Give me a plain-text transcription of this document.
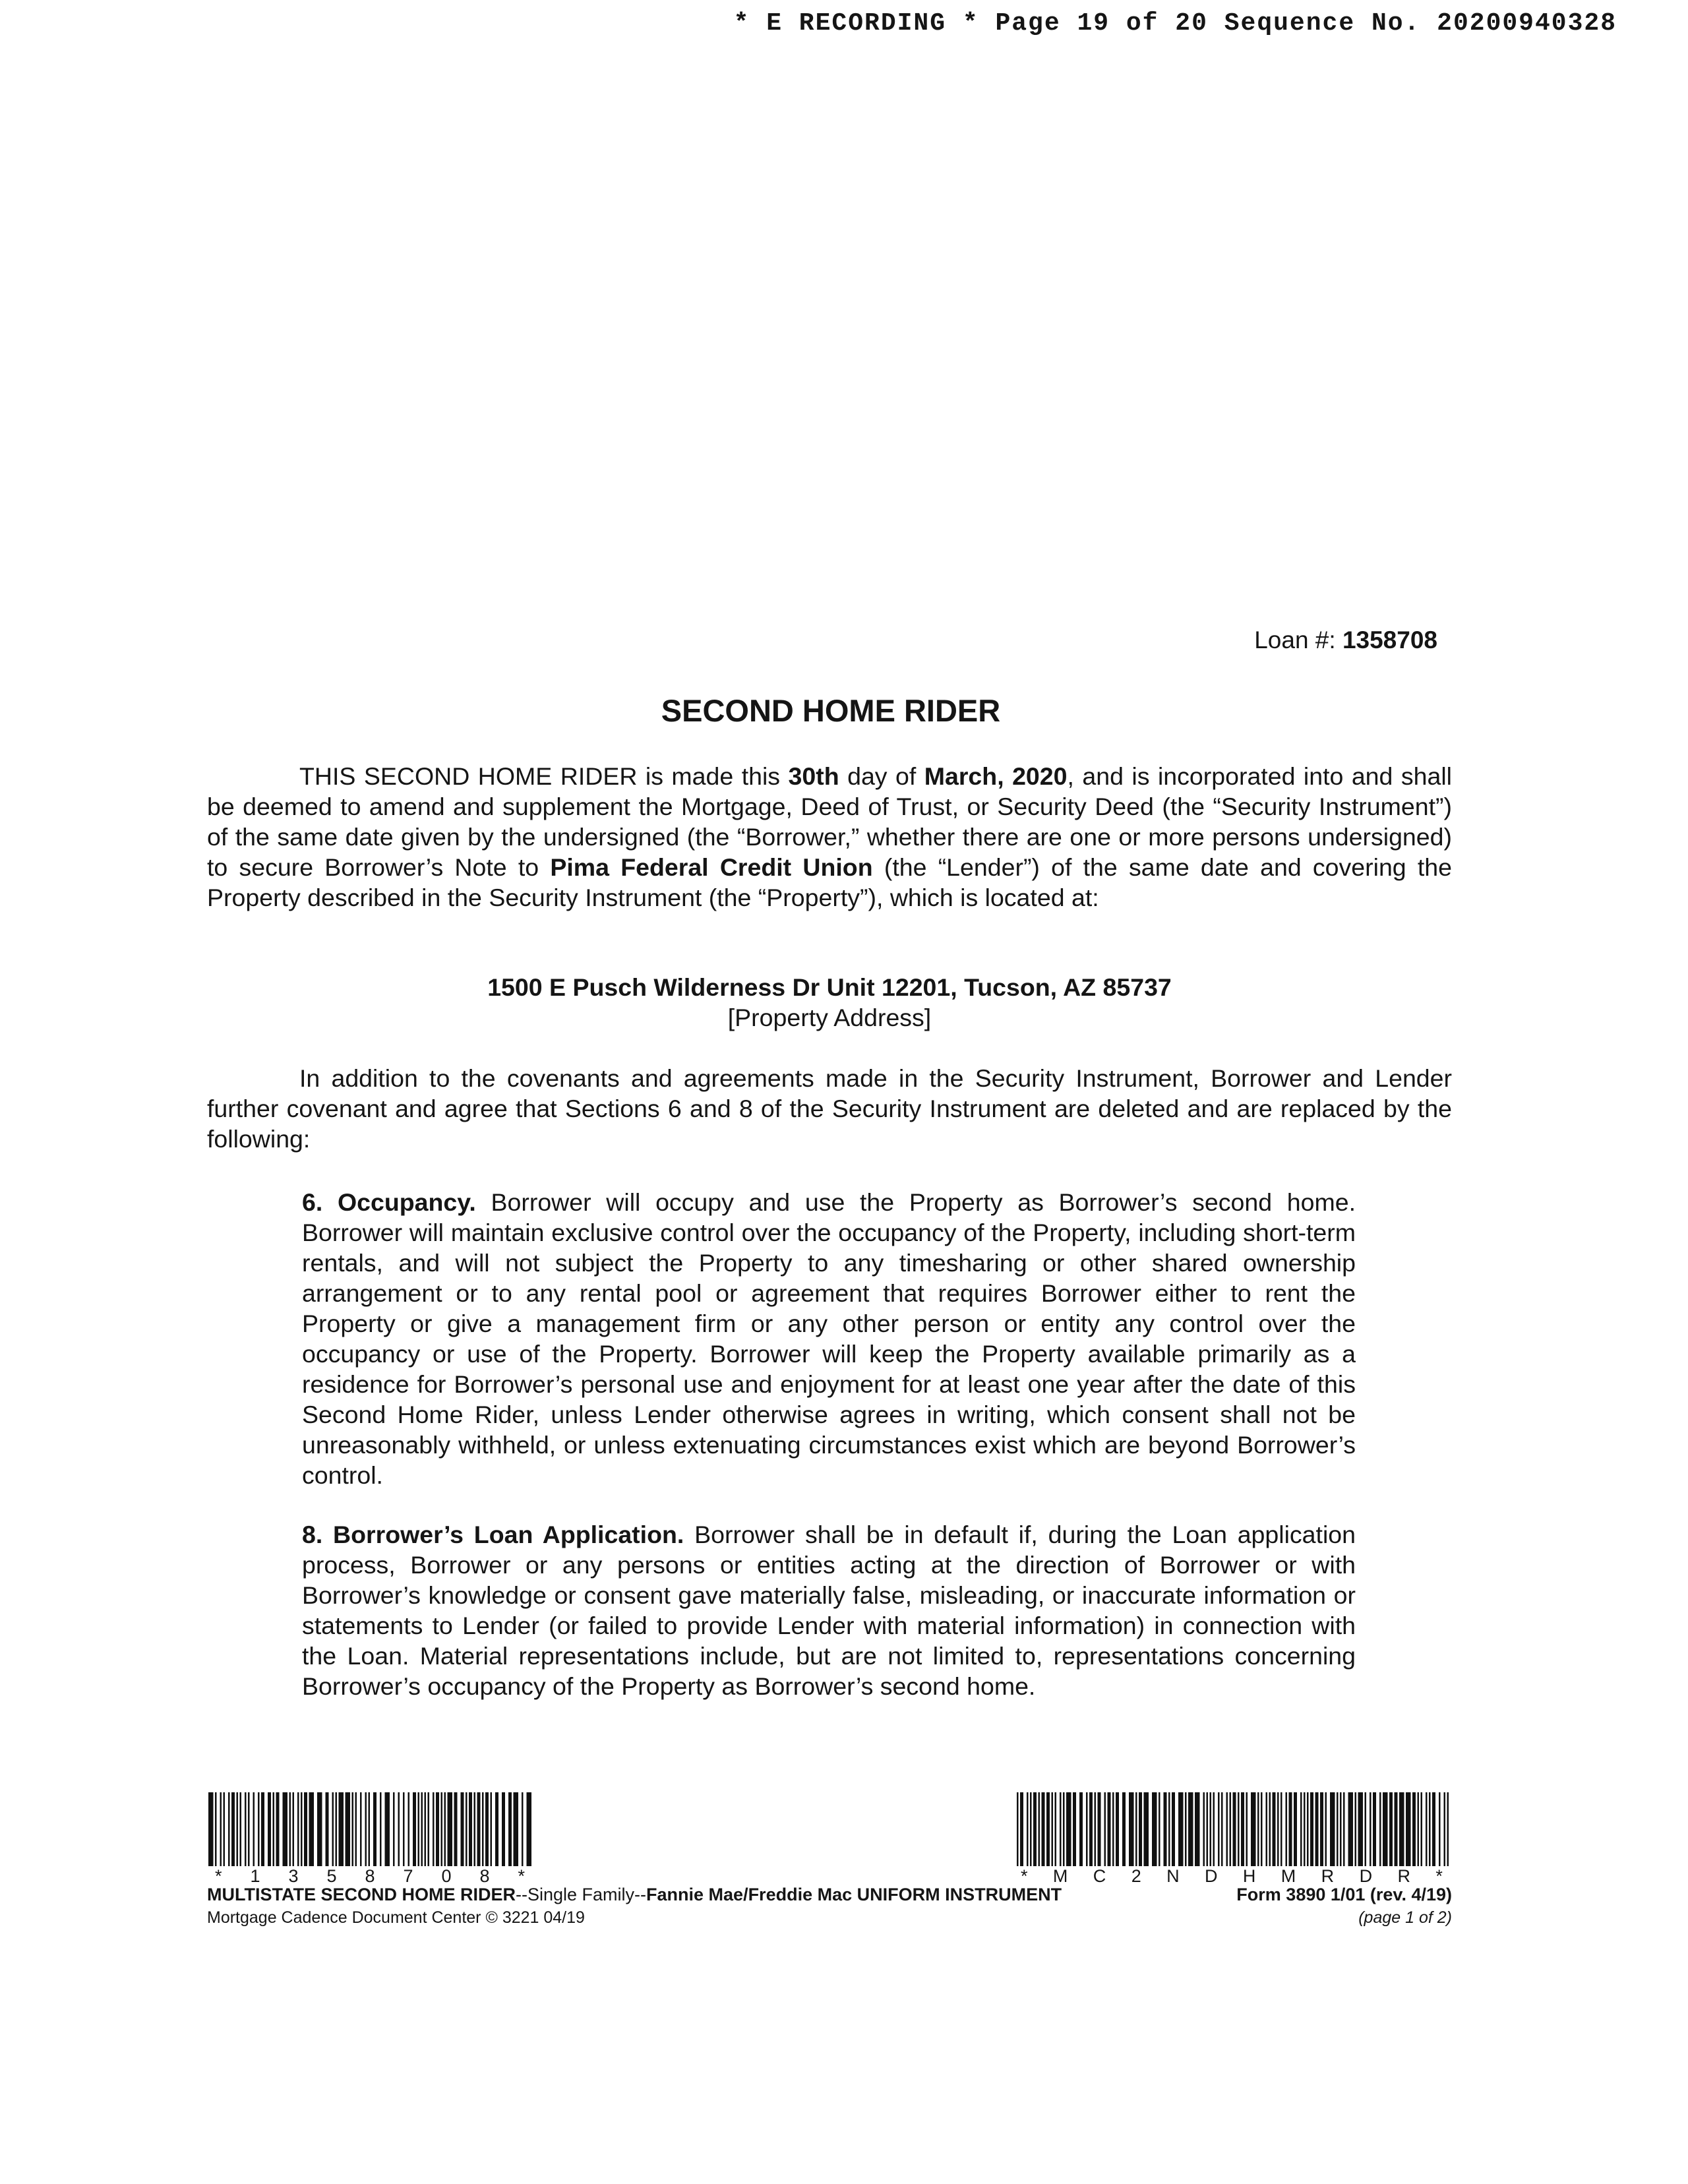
* E RECORDING * Page 19 of 20 Sequence No. 20200940328
Loan #: 1358708
SECOND HOME RIDER
THIS SECOND HOME RIDER is made this 30th day of March, 2020, and is incorporated into and shall be deemed to amend and supplement the Mortgage, Deed of Trust, or Security Deed (the “Security Instrument”) of the same date given by the undersigned (the “Borrower,” whether there are one or more persons undersigned) to secure Borrower’s Note to Pima Federal Credit Union (the “Lender”) of the same date and covering the Property described in the Security Instrument (the “Property”), which is located at:
1500 E Pusch Wilderness Dr Unit 12201, Tucson, AZ 85737
[Property Address]
In addition to the covenants and agreements made in the Security Instrument, Borrower and Lender further covenant and agree that Sections 6 and 8 of the Security Instrument are deleted and are replaced by the following:
6. Occupancy. Borrower will occupy and use the Property as Borrower’s second home. Borrower will maintain exclusive control over the occupancy of the Property, including short-term rentals, and will not subject the Property to any timesharing or other shared ownership arrangement or to any rental pool or agreement that requires Borrower either to rent the Property or give a management firm or any other person or entity any control over the occupancy or use of the Property. Borrower will keep the Property available primarily as a residence for Borrower’s personal use and enjoyment for at least one year after the date of this Second Home Rider, unless Lender otherwise agrees in writing, which consent shall not be unreasonably withheld, or unless extenuating circumstances exist which are beyond Borrower’s control.
8. Borrower’s Loan Application. Borrower shall be in default if, during the Loan application process, Borrower or any persons or entities acting at the direction of Borrower or with Borrower’s knowledge or consent gave materially false, misleading, or inaccurate information or statements to Lender (or failed to provide Lender with material information) in connection with the Loan. Material representations include, but are not limited to, representations concerning Borrower’s occupancy of the Property as Borrower’s second home.
* 1 3 5 8 7 0 8 *	* M C 2 N D H M R D R *
MULTISTATE SECOND HOME RIDER--Single Family--Fannie Mae/Freddie Mac UNIFORM INSTRUMENT	Form 3890 1/01 (rev. 4/19)
Mortgage Cadence Document Center © 3221 04/19	(page 1 of 2)
